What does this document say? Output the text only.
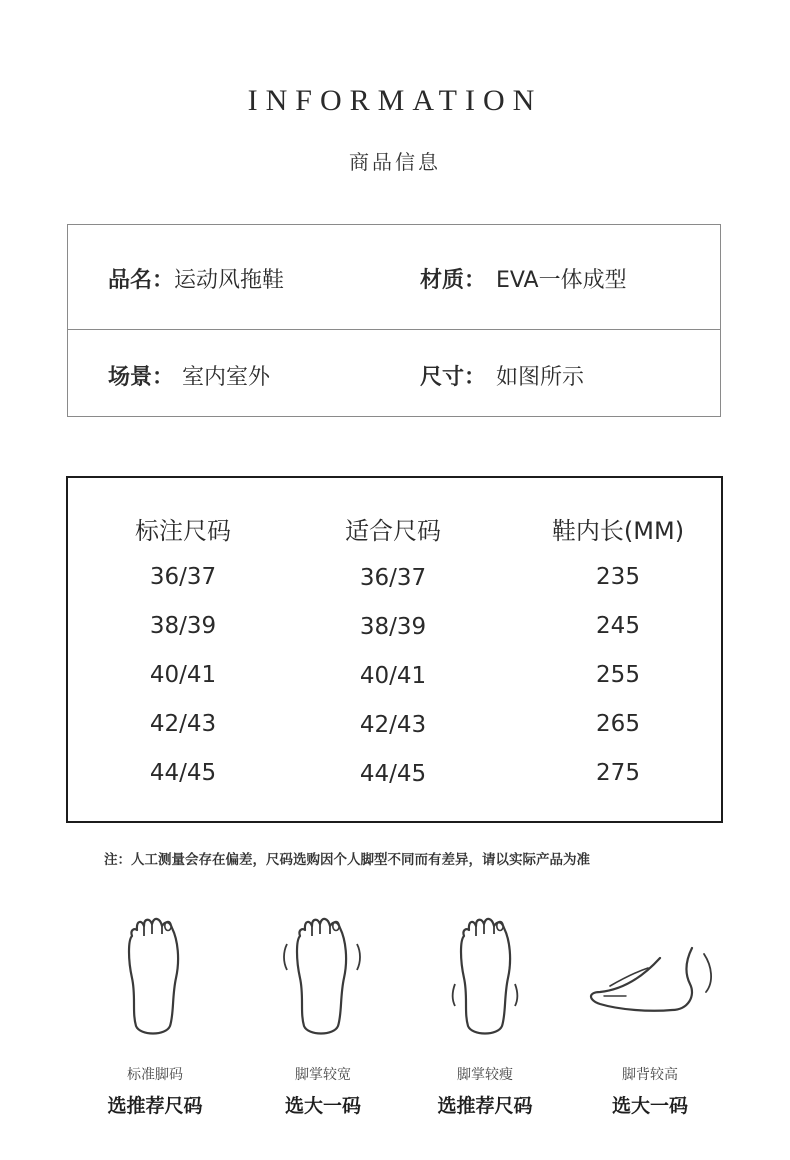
INFORMATION
商品信息
品名：运动风拖鞋	材质： EVA一体成型
场景： 室内室外	尺寸： 如图所示
标注尺码	适合尺码	鞋内长(MM)
36/37	36/37	235
38/39	38/39	245
40/41	40/41	255
42/43	42/43	265
44/45	44/45	275
注：人工测量会存在偏差，尺码选购因个人脚型不同而有差异，请以实际产品为准
标准脚码	脚掌较宽	脚掌较瘦	脚背较高
选推荐尺码	选大一码	选推荐尺码	选大一码
